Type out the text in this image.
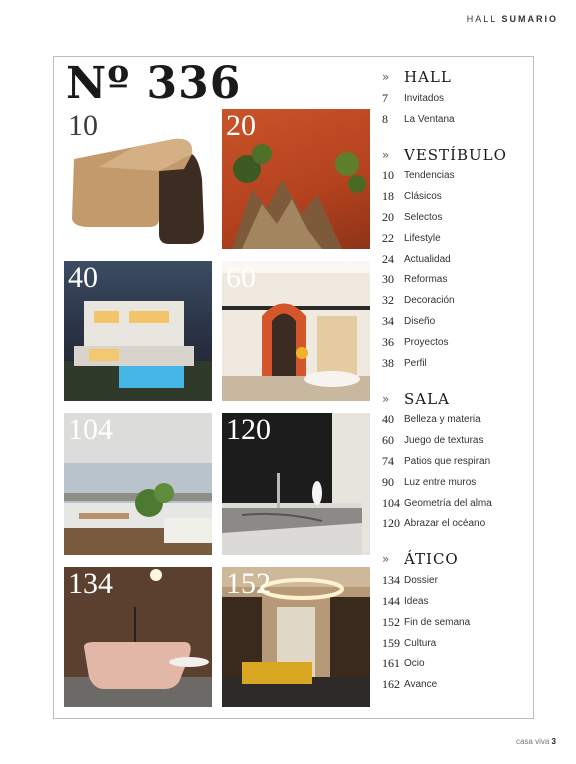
HALL SUMARIO
Nº 336
10	20
40	60
104	120
134	152
» HALL
7	Invitados
8	La Ventana
» VESTÍBULO
10	Tendencias
18	Clásicos
20	Selectos
22	Lifestyle
24	Actualidad
30	Reformas
32	Decoración
34	Diseño
36	Proyectos
38	Perfil
» SALA
40	Belleza y materia
60	Juego de texturas
74	Patios que respiran
90	Luz entre muros
104 Geometría del alma
120 Abrazar el océano
» ÁTICO
134 Dossier
144 Ideas
152 Fin de semana
159 Cultura
161 Ocio
162 Avance
casa viva 3
